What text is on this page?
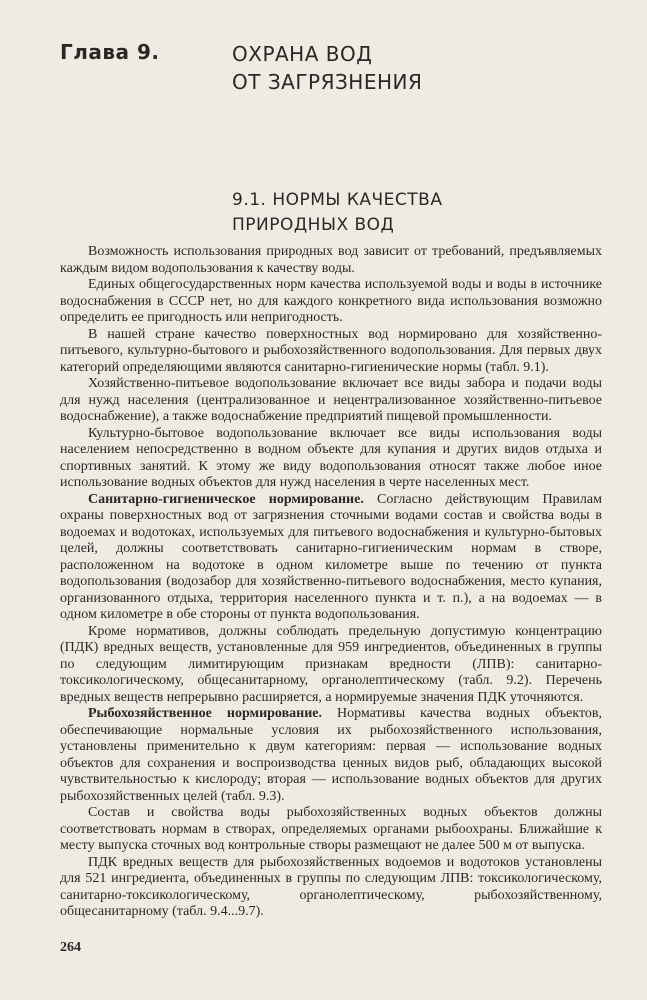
Глава 9.	ОХРАНА ВОД
ОТ ЗАГРЯЗНЕНИЯ
9.1. НОРМЫ КАЧЕСТВА
ПРИРОДНЫХ ВОД

Возможность использования природных вод зависит от требований, предъявляемых каждым видом водопользования к качеству воды.

Единых общегосударственных норм качества используемой воды и воды в источнике водоснабжения в СССР нет, но для каждого конкретного вида использования возможно определить ее пригодность или непригодность.

В нашей стране качество поверхностных вод нормировано для хозяйственно-питьевого, культурно-бытового и рыбохозяйственного водопользования. Для первых двух категорий определяющими являются санитарно-гигиенические нормы (табл. 9.1).

Хозяйственно-питьевое водопользование включает все виды забора и подачи воды для нужд населения (централизованное и нецентрализованное хозяйственно-питьевое водоснабжение), а также водоснабжение предприятий пищевой промышленности.

Культурно-бытовое водопользование включает все виды использования воды населением непосредственно в водном объекте для купания и других видов отдыха и спортивных занятий. К этому же виду водопользования относят также любое иное использование водных объектов для нужд населения в черте населенных мест.

Санитарно-гигиеническое нормирование. Согласно действующим Правилам охраны поверхностных вод от загрязнения сточными водами состав и свойства воды в водоемах и водотоках, используемых для питьевого водоснабжения и культурно-бытовых целей, должны соответствовать санитарно-гигиеническим нормам в створе, расположенном на водотоке в одном километре выше по течению от пункта водопользования (водозабор для хозяйственно-питьевого водоснабжения, место купания, организованного отдыха, территория населенного пункта и т. п.), а на водоемах — в одном километре в обе стороны от пункта водопользования.

Кроме нормативов, должны соблюдать предельную допустимую концентрацию (ПДК) вредных веществ, установленные для 959 ингредиентов, объединенных в группы по следующим лимитирующим признакам вредности (ЛПВ): санитарно-токсикологическому, общесанитарному, органолептическому (табл. 9.2). Перечень вредных веществ непрерывно расширяется, а нормируемые значения ПДК уточняются.

Рыбохозяйственное нормирование. Нормативы качества водных объектов, обеспечивающие нормальные условия их рыбохозяйственного использования, установлены применительно к двум категориям: первая — использование водных объектов для сохранения и воспроизводства ценных видов рыб, обладающих высокой чувствительностью к кислороду; вторая — использование водных объектов для других рыбохозяйственных целей (табл. 9.3).

Состав и свойства воды рыбохозяйственных водных объектов должны соответствовать нормам в створах, определяемых органами рыбоохраны. Ближайшие к месту выпуска сточных вод контрольные створы размещают не далее 500 м от выпуска.

ПДК вредных веществ для рыбохозяйственных водоемов и водотоков установлены для 521 ингредиента, объединенных в группы по следующим ЛПВ: токсикологическому, санитарно-токсикологическому, органолептическому, рыбохозяйственному, общесанитарному (табл. 9.4...9.7).

264
